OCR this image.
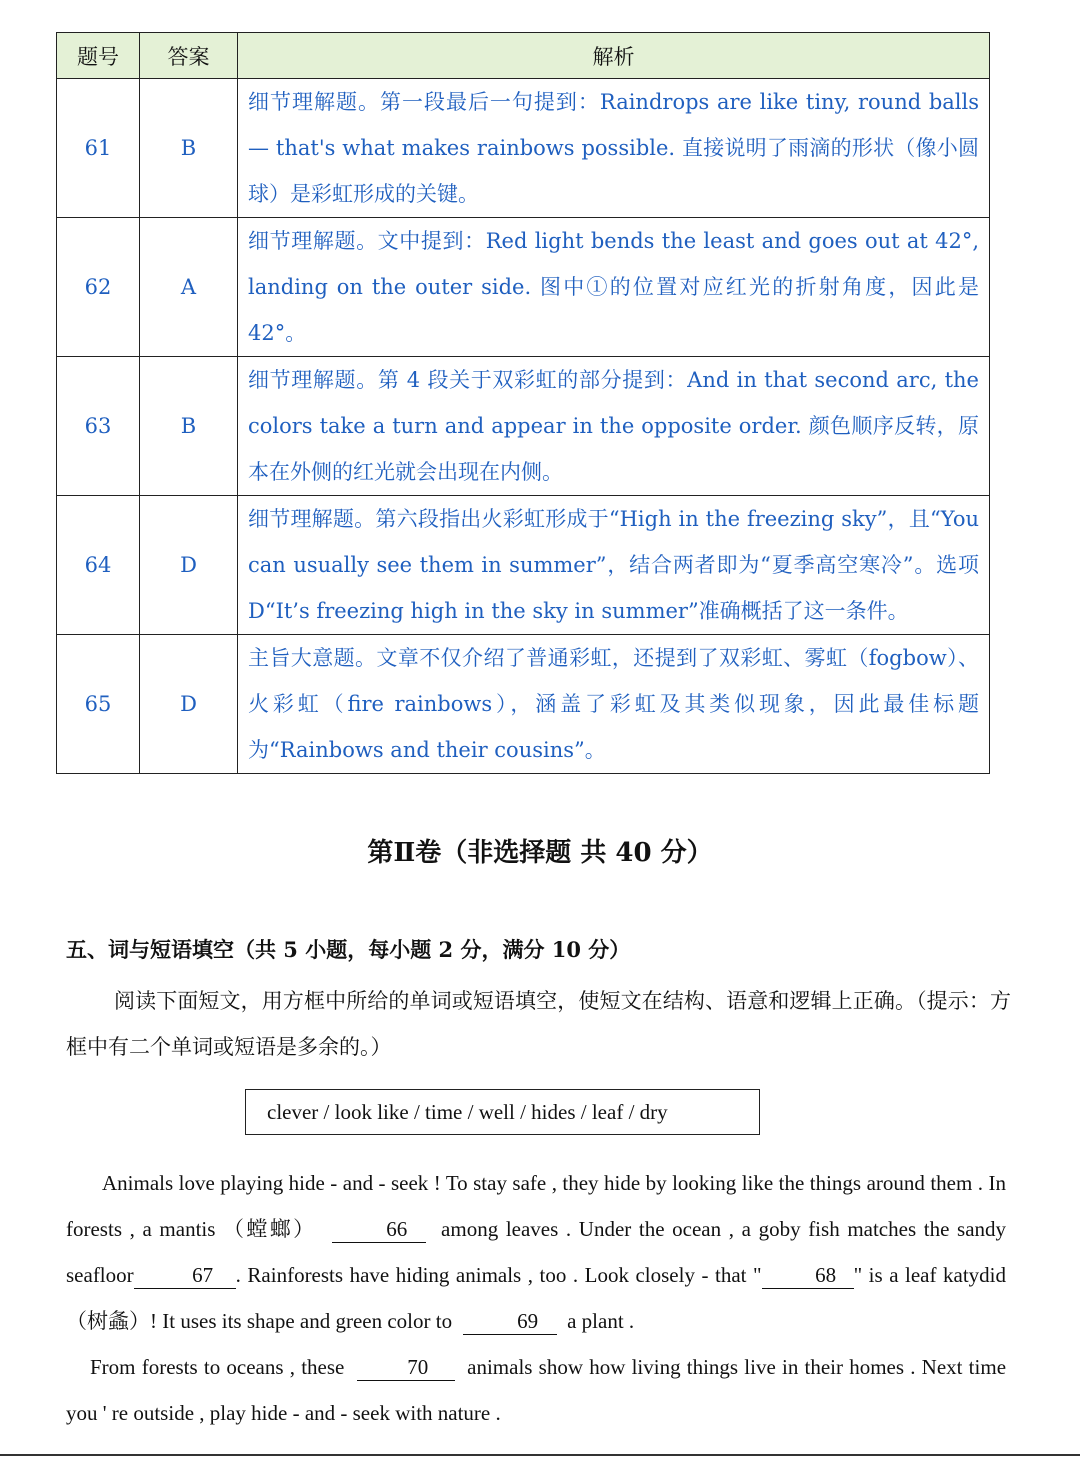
题号	答案	解析
61	B	细节理解题。第一段最后一句提到：Raindrops are like tiny, round balls — that's what makes rainbows possible. 直接说明了雨滴的形状（像小圆球）是彩虹形成的关键。
62	A	细节理解题。文中提到：Red light bends the least and goes out at 42°, landing on the outer side. 图中①的位置对应红光的折射角度，因此是42°。
63	B	细节理解题。第 4 段关于双彩虹的部分提到：And in that second arc, the colors take a turn and appear in the opposite order. 颜色顺序反转，原本在外侧的红光就会出现在内侧。
64	D	细节理解题。第六段指出火彩虹形成于“High in the freezing sky”，且“You can usually see them in summer”，结合两者即为“夏季高空寒冷”。选项D“It’s freezing high in the sky in summer”准确概括了这一条件。
65	D	主旨大意题。文章不仅介绍了普通彩虹，还提到了双彩虹、雾虹（fogbow）、火彩虹（fire rainbows），涵盖了彩虹及其类似现象，因此最佳标题为“Rainbows and their cousins”。
第Ⅱ卷（非选择题 共 40 分）
五、词与短语填空（共 5 小题，每小题 2 分，满分 10 分）

阅读下面短文，用方框中所给的单词或短语填空，使短文在结构、语意和逻辑上正确。（提示：方框中有二个单词或短语是多余的。）

clever / look like / time / well / hides / leaf / dry

Animals love playing hide - and - seek ! To stay safe , they hide by looking like the things around them . In forests , a mantis （螳螂）	66 among leaves . Under the ocean , a goby fish matches the sandy seafloor	67 . Rainforests have hiding animals , too . Look closely - that "	68 " is a leaf katydid （树螽）! It uses its shape and green color to	69 a plant .

From forests to oceans , these	70 animals show how living things live in their homes . Next time you ' re outside , play hide - and - seek with nature .
